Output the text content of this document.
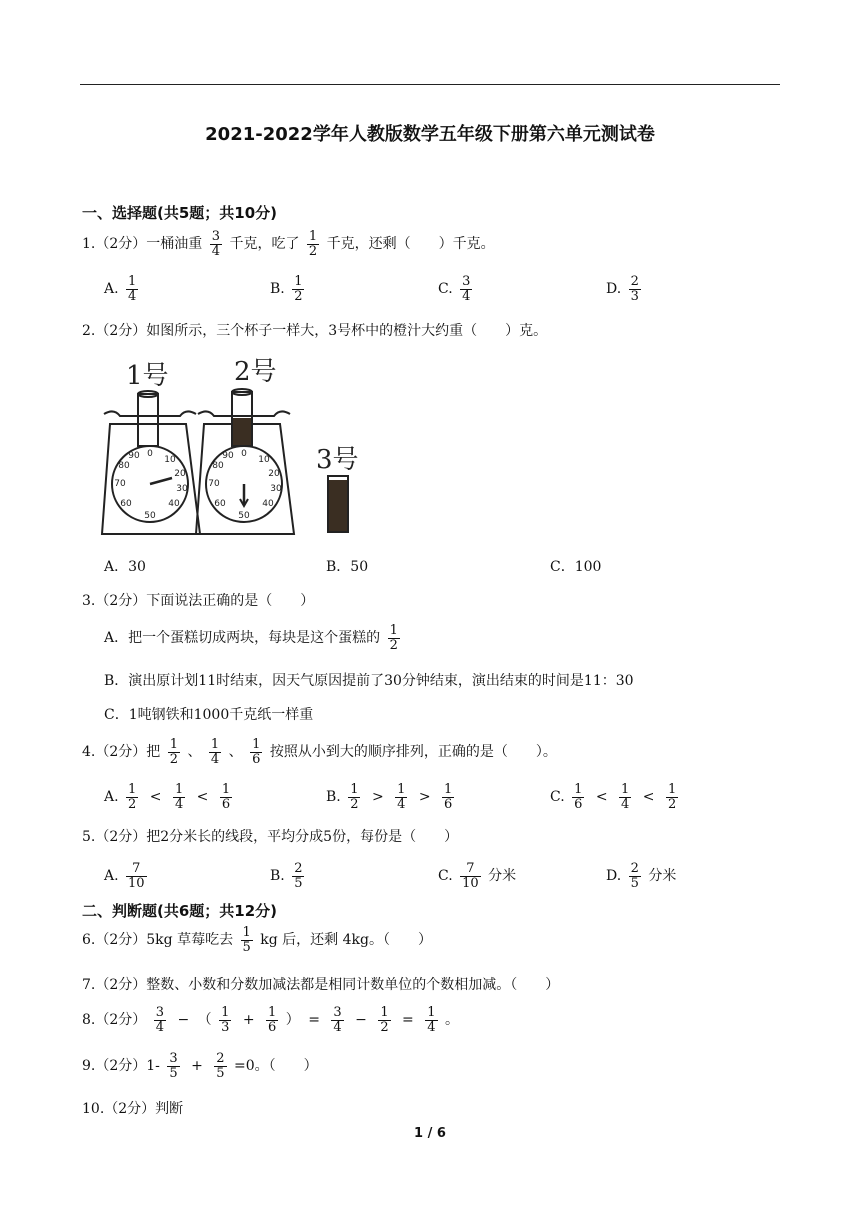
2021-2022学年人教版数学五年级下册第六单元测试卷
一、选择题(共5题；共10分)
1.（2分）一桶油重 $\frac{3}{4}$ 千克，吃了 $\frac{1}{2}$ 千克，还剩（　　）千克。
A. $\frac{1}{4}$	B. $\frac{1}{2}$	C. $\frac{3}{4}$	D. $\frac{2}{3}$
2.（2分）如图所示，三个杯子一样大，3号杯中的橙汁大约重（　　）克。
0
10
20
30
40
50
60
70
80
90	0
10
20
30
40
50
60
70
80
90
1号	2号
3号
A．30	B．50	C．100
3.（2分）下面说法正确的是（　　）
A．把一个蛋糕切成两块，每块是这个蛋糕的 $\frac{1}{2}$
B．演出原计划11时结束，因天气原因提前了30分钟结束，演出结束的时间是11：30
C．1吨钢铁和1000千克纸一样重
4.（2分）把 $\frac{1}{2}$ 、 $\frac{1}{4}$ 、 $\frac{1}{6}$ 按照从小到大的顺序排列，正确的是（　　）。
A. $\frac{1}{2} < \frac{1}{4} < \frac{1}{6}$	B. $\frac{1}{2} > \frac{1}{4} > \frac{1}{6}$	C. $\frac{1}{6} < \frac{1}{4} < \frac{1}{2}$
5.（2分）把2分米长的线段，平均分成5份，每份是（　　）
A. $\frac{7}{10}$	B. $\frac{2}{5}$	C. $\frac{7}{10}$ 分米	D. $\frac{2}{5}$ 分米
二、判断题(共6题；共12分)
6.（2分）5kg 草莓吃去 $\frac{1}{5}$ kg 后，还剩 4kg。（　　）
7.（2分）整数、小数和分数加减法都是相同计数单位的个数相加减。（　　）
8.（2分） $\frac{3}{4}$ − （ $\frac{1}{3} + \frac{1}{6}$ ） = $\frac{3}{4} - \frac{1}{2} = \frac{1}{4}$ 。
9.（2分）$1- \frac{3}{5} + \frac{2}{5} =0$。（　　）
10.（2分）判断
1 / 6
